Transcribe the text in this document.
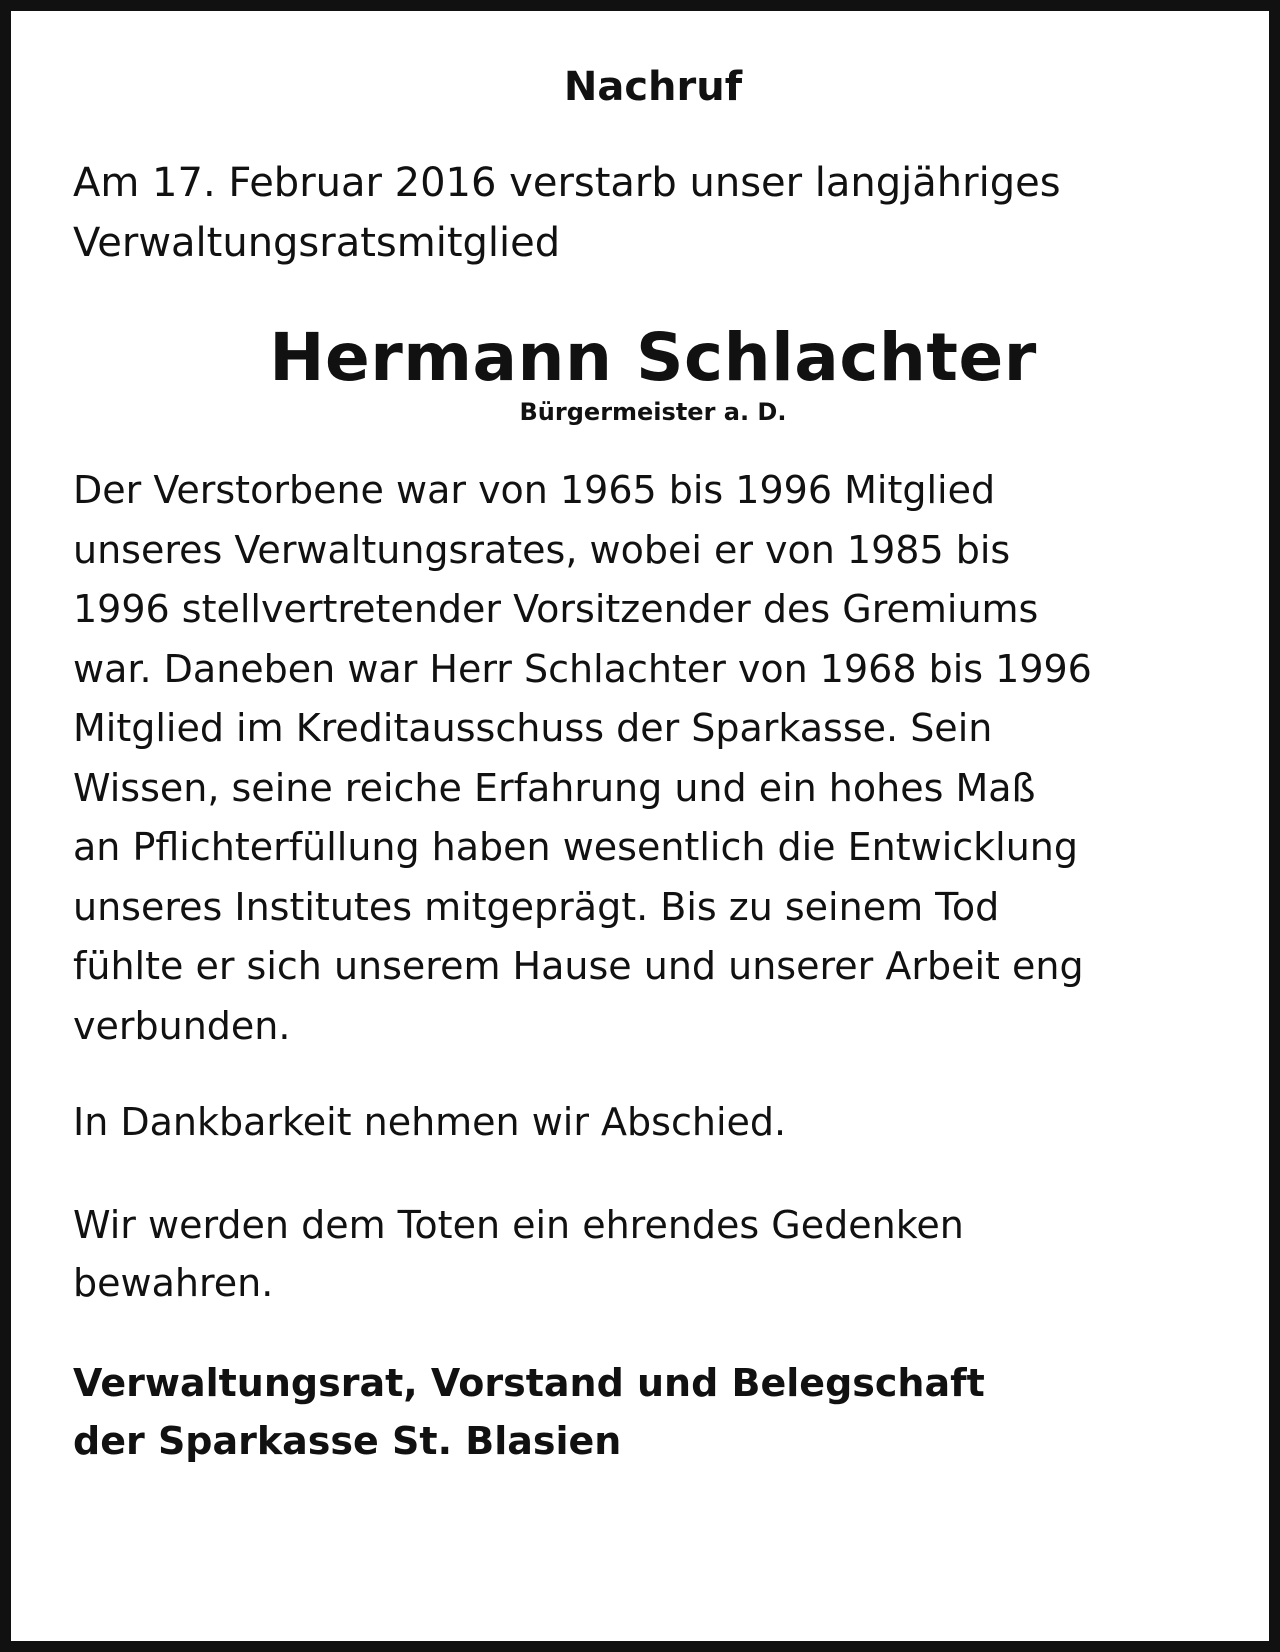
Nachruf

Am 17. Februar 2016 verstarb unser langjähriges
Verwaltungsratsmitglied

Hermann Schlachter
Bürgermeister a. D.

Der Verstorbene war von 1965 bis 1996 Mitglied
unseres Verwaltungsrates, wobei er von 1985 bis
1996 stellvertretender Vorsitzender des Gremiums
war. Daneben war Herr Schlachter von 1968 bis 1996
Mitglied im Kreditausschuss der Sparkasse. Sein
Wissen, seine reiche Erfahrung und ein hohes Maß
an Pflichterfüllung haben wesentlich die Entwicklung
unseres Institutes mitgeprägt. Bis zu seinem Tod
fühlte er sich unserem Hause und unserer Arbeit eng
verbunden.

In Dankbarkeit nehmen wir Abschied.

Wir werden dem Toten ein ehrendes Gedenken
bewahren.

Verwaltungsrat, Vorstand und Belegschaft
der Sparkasse St. Blasien
